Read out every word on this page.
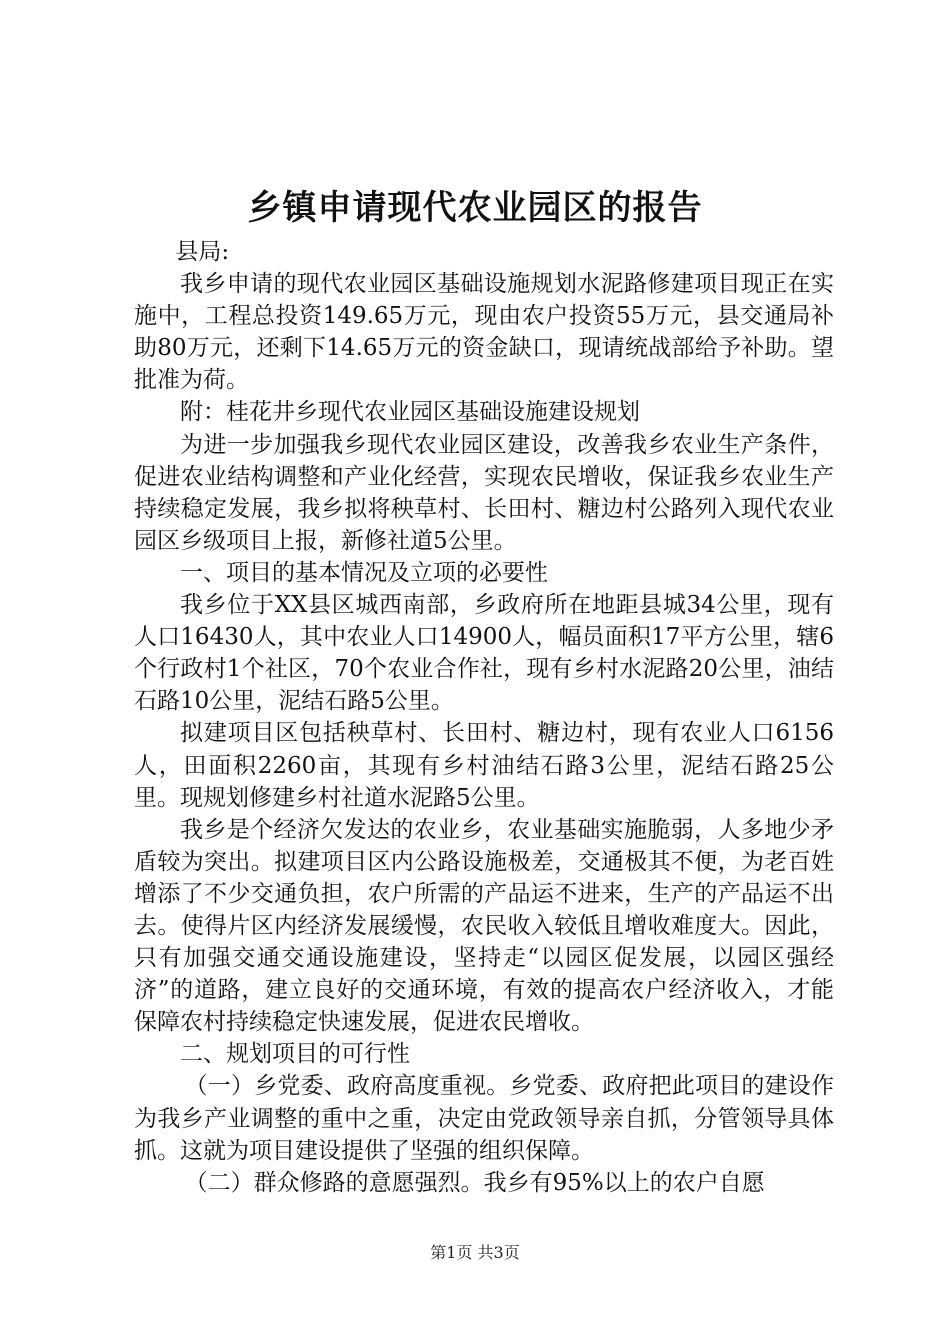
乡镇申请现代农业园区的报告

县局:

我乡申请的现代农业园区基础设施规划水泥路修建项目现正在实施中，工程总投资149.65万元，现由农户投资55万元，县交通局补助80万元，还剩下14.65万元的资金缺口，现请统战部给予补助。望批准为荷。

附：桂花井乡现代农业园区基础设施建设规划

为进一步加强我乡现代农业园区建设，改善我乡农业生产条件，促进农业结构调整和产业化经营，实现农民增收，保证我乡农业生产持续稳定发展，我乡拟将秧草村、长田村、糖边村公路列入现代农业园区乡级项目上报，新修社道5公里。

一、项目的基本情况及立项的必要性

我乡位于XX县区城西南部，乡政府所在地距县城34公里，现有人口16430人，其中农业人口14900人，幅员面积17平方公里，辖6个行政村1个社区，70个农业合作社，现有乡村水泥路20公里，油结石路10公里，泥结石路5公里。

拟建项目区包括秧草村、长田村、糖边村，现有农业人口6156人，田面积2260亩，其现有乡村油结石路3公里，泥结石路25公里。现规划修建乡村社道水泥路5公里。

我乡是个经济欠发达的农业乡，农业基础实施脆弱，人多地少矛盾较为突出。拟建项目区内公路设施极差，交通极其不便，为老百姓增添了不少交通负担，农户所需的产品运不进来，生产的产品运不出去。使得片区内经济发展缓慢，农民收入较低且增收难度大。因此，只有加强交通交通设施建设，坚持走“以园区促发展，以园区强经济”的道路，建立良好的交通环境，有效的提高农户经济收入，才能保障农村持续稳定快速发展，促进农民增收。

二、规划项目的可行性

（一）乡党委、政府高度重视。乡党委、政府把此项目的建设作为我乡产业调整的重中之重，决定由党政领导亲自抓，分管领导具体抓。这就为项目建设提供了坚强的组织保障。

（二）群众修路的意愿强烈。我乡有95%以上的农户自愿

第1页 共3页
